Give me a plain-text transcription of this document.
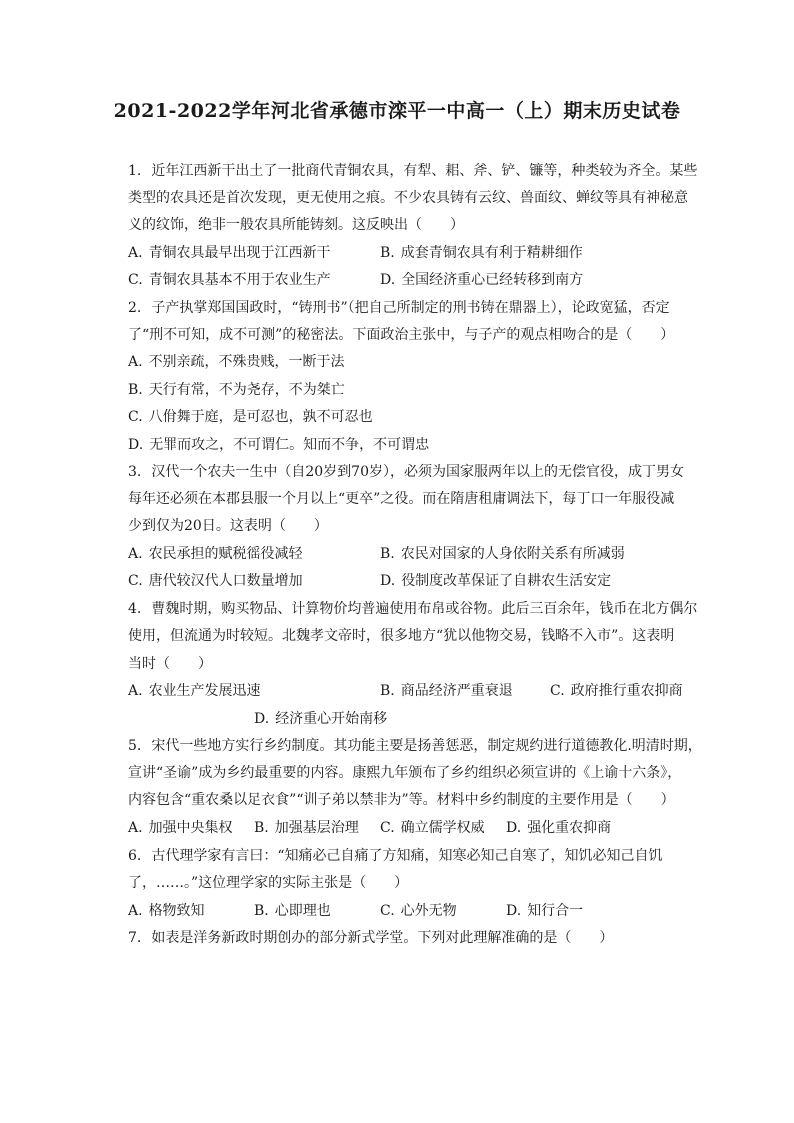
2021-2022学年河北省承德市滦平一中高一（上）期末历史试卷
1. 近年江西新干出土了一批商代青铜农具，有犁、耜、斧、铲、镰等，种类较为齐全。某些
类型的农具还是首次发现，更无使用之痕。不少农具铸有云纹、兽面纹、蝉纹等具有神秘意
义的纹饰，绝非一般农具所能铸刻。这反映出（　　）
A. 青铜农具最早出现于江西新干	B. 成套青铜农具有利于精耕细作
C. 青铜农具基本不用于农业生产	D. 全国经济重心已经转移到南方
2. 子产执掌郑国国政时，“铸刑书”（把自己所制定的刑书铸在鼎器上），论政宽猛，否定
了“刑不可知，成不可测”的秘密法。下面政治主张中，与子产的观点相吻合的是（　　）
A. 不别亲疏，不殊贵贱，一断于法
B. 天行有常，不为尧存，不为桀亡
C. 八佾舞于庭，是可忍也，孰不可忍也
D. 无罪而攻之，不可谓仁。知而不争，不可谓忠
3. 汉代一个农夫一生中（自20岁到70岁），必须为国家服两年以上的无偿官役，成丁男女
每年还必须在本郡县服一个月以上“更卒”之役。而在隋唐租庸调法下，每丁口一年服役减
少到仅为20日。这表明（　　）
A. 农民承担的赋税徭役减轻	B. 农民对国家的人身依附关系有所减弱
C. 唐代较汉代人口数量增加	D. 役制度改革保证了自耕农生活安定
4. 曹魏时期，购买物品、计算物价均普遍使用布帛或谷物。此后三百余年，钱币在北方偶尔
使用，但流通为时较短。北魏孝文帝时，很多地方“犹以他物交易，钱略不入市”。这表明
当时（　　）
A. 农业生产发展迅速	B. 商品经济严重衰退	C. 政府推行重农抑商
D. 经济重心开始南移
5. 宋代一些地方实行乡约制度。其功能主要是扬善惩恶，制定规约进行道德教化.明清时期，
宣讲“圣谕”成为乡约最重要的内容。康熙九年颁布了乡约组织必须宣讲的《上谕十六条》，
内容包含“重农桑以足衣食”“训子弟以禁非为”等。材料中乡约制度的主要作用是（　　）
A. 加强中央集权 B. 加强基层治理 C. 确立儒学权威 D. 强化重农抑商
6. 古代理学家有言曰：“知痛必己自痛了方知痛，知寒必知己自寒了，知饥必知己自饥
了，……。”这位理学家的实际主张是（　　）
A. 格物致知	B. 心即理也	C. 心外无物	D. 知行合一
7. 如表是洋务新政时期创办的部分新式学堂。下列对此理解准确的是（　　）
